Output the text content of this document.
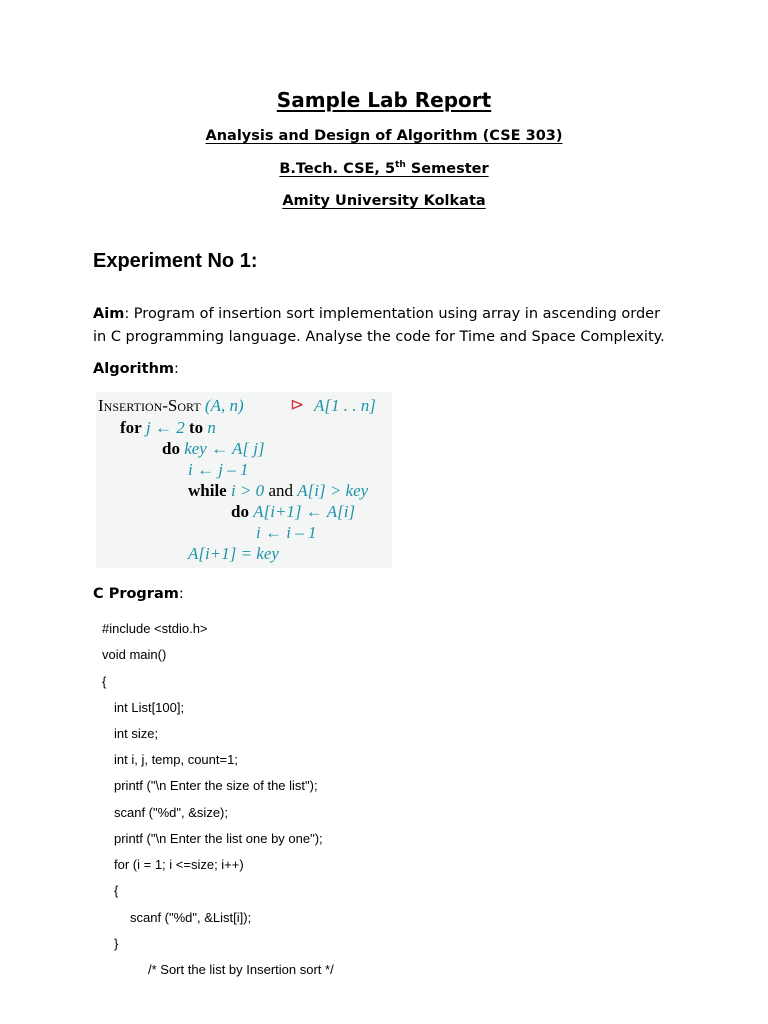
Sample Lab Report
Analysis and Design of Algorithm (CSE 303)
B.Tech. CSE, 5th Semester
Amity University Kolkata
Experiment No 1:
Aim: Program of insertion sort implementation using array in ascending order
in C programming language. Analyse the code for Time and Space Complexity.
Algorithm:
Insertion-Sort (A, n)	⊳ A[1 . . n]
for j ← 2 to n
do key ← A[ j]
i ← j – 1
while i > 0 and A[i] > key
do A[i+1] ← A[i]
i ← i – 1
A[i+1] = key
C Program:
#include <stdio.h>
void main()
{
int List[100];
int size;
int i, j, temp, count=1;
printf ("\n Enter the size of the list");
scanf ("%d", &size);
printf ("\n Enter the list one by one");
for (i = 1; i <=size; i++)
{
scanf ("%d", &List[i]);
}
/* Sort the list by Insertion sort */
